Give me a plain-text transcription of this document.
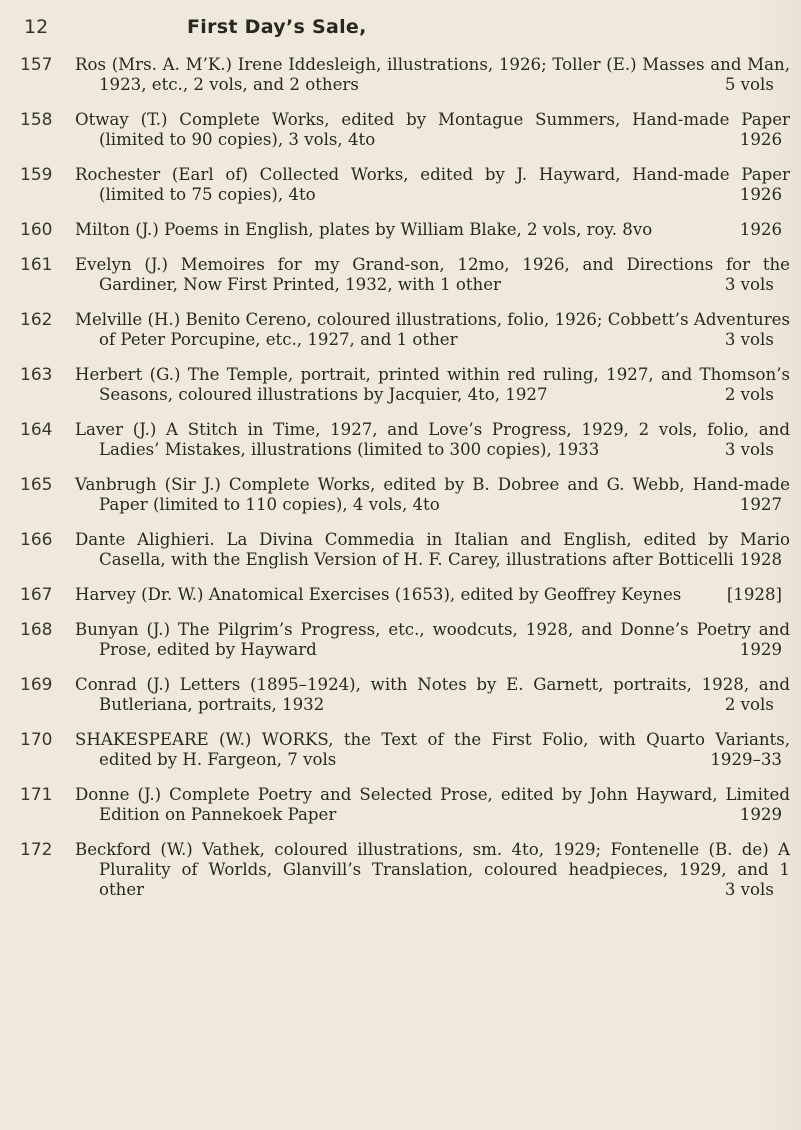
12	First Day’s Sale,
157 Ros (Mrs. A. M’K.) Irene Iddesleigh, illustrations, 1926; Toller (E.) Masses and Man, 1923, etc., 2 vols, and 2 others	5 vols
158 Otway (T.) Complete Works, edited by Montague Summers, Hand-made Paper (limited to 90 copies), 3 vols, 4to	1926
159 Rochester (Earl of) Collected Works, edited by J. Hayward, Hand-made Paper (limited to 75 copies), 4to	1926
160 Milton (J.) Poems in English, plates by William Blake, 2 vols, roy. 8vo	1926
161 Evelyn (J.) Memoires for my Grand-son, 12mo, 1926, and Directions for the Gardiner, Now First Printed, 1932, with 1 other	3 vols
162 Melville (H.) Benito Cereno, coloured illustrations, folio, 1926; Cobbett’s Adventures of Peter Porcupine, etc., 1927, and 1 other	3 vols
163 Herbert (G.) The Temple, portrait, printed within red ruling, 1927, and Thomson’s Seasons, coloured illustrations by Jacquier, 4to, 1927	2 vols
164 Laver (J.) A Stitch in Time, 1927, and Love’s Progress, 1929, 2 vols, folio, and Ladies’ Mistakes, illustrations (limited to 300 copies), 1933	3 vols
165 Vanbrugh (Sir J.) Complete Works, edited by B. Dobree and G. Webb, Hand-made Paper (limited to 110 copies), 4 vols, 4to	1927
166 Dante Alighieri. La Divina Commedia in Italian and English, edited by Mario Casella, with the English Version of H. F. Carey, illustrations after Botticelli 1928
167 Harvey (Dr. W.) Anatomical Exercises (1653), edited by Geoffrey Keynes	[1928]
168 Bunyan (J.) The Pilgrim’s Progress, etc., woodcuts, 1928, and Donne’s Poetry and Prose, edited by Hayward	1929
169 Conrad (J.) Letters (1895–1924), with Notes by E. Garnett, portraits, 1928, and Butleriana, portraits, 1932	2 vols
170 SHAKESPEARE (W.) WORKS, the Text of the First Folio, with Quarto Variants, edited by H. Fargeon, 7 vols	1929–33
171 Donne (J.) Complete Poetry and Selected Prose, edited by John Hayward, Limited Edition on Pannekoek Paper	1929
172 Beckford (W.) Vathek, coloured illustrations, sm. 4to, 1929; Fontenelle (B. de) A Plurality of Worlds, Glanvill’s Translation, coloured headpieces, 1929, and 1 other	3 vols
